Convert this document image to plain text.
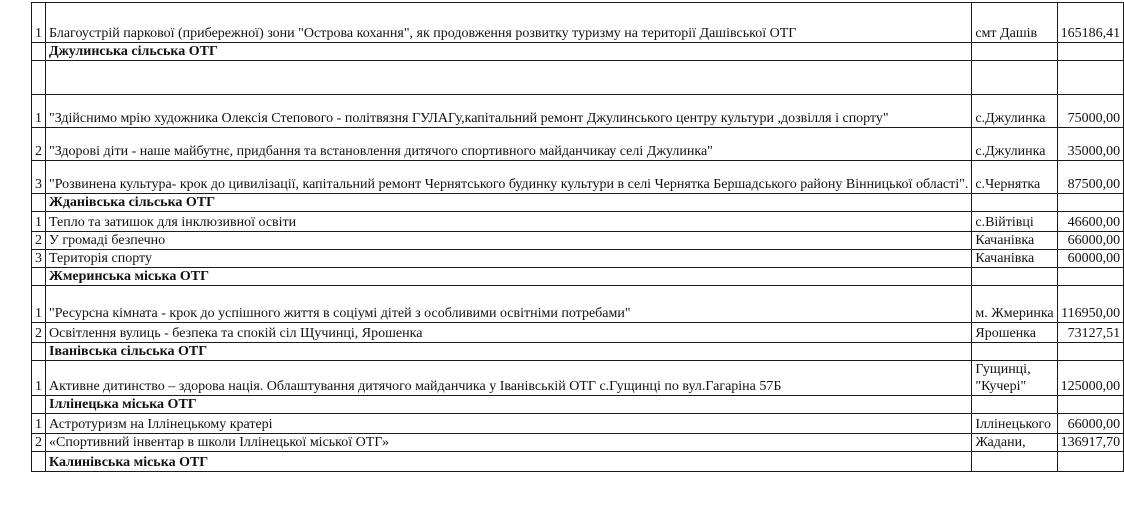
1	Благоустрій паркової (прибережної) зони "Острова кохання", як продовження розвитку туризму на території Дашівської ОТГ	смт Дашів	165186,41
	Джулинська сільська ОТГ		

1	"Здійснимо мрію художника Олексія Степового - політвязня ГУЛАГу,капітальний ремонт Джулинського центру культури ,дозвілля і спорту"	с.Джулинка	75000,00
2	"Здорові діти - наше майбутнє, придбання та встановлення дитячого спортивного майданчикау селі Джулинка"	с.Джулинка	35000,00
3	"Розвинена культура- крок до цивилізації, капітальний ремонт Чернятського будинку культури в селі Чернятка Бершадського району Вінницької області".	с.Чернятка	87500,00
	Жданівська сільська ОТГ		
1	Тепло та затишок для інклюзивної освіти	с.Війтівці	46600,00
2	У громаді безпечно	Качанівка	66000,00
3	Територія спорту	Качанівка	60000,00
	Жмеринська міська ОТГ		
1	"Ресурсна кімната - крок до успішного життя в соціумі дітей з особливими освітніми потребами"	м. Жмеринка	116950,00
2	Освітлення вулиць - безпека та спокій сіл Щучинці, Ярошенка	Ярошенка	73127,51
	Іванівська сільська ОТГ		
1	Активне дитинство – здорова нація. Облаштування дитячого майданчика у Іванівській ОТГ с.Гущинці по вул.Гагаріна 57Б	Гущинці, "Кучері"	125000,00
	Іллінецька міська ОТГ		
1	Астротуризм на Іллінецькому кратері	Іллінецького	66000,00
2	«Спортивний інвентар в школи Іллінецької міської ОТГ»	Жадани,	136917,70
	Калинівська міська ОТГ		
